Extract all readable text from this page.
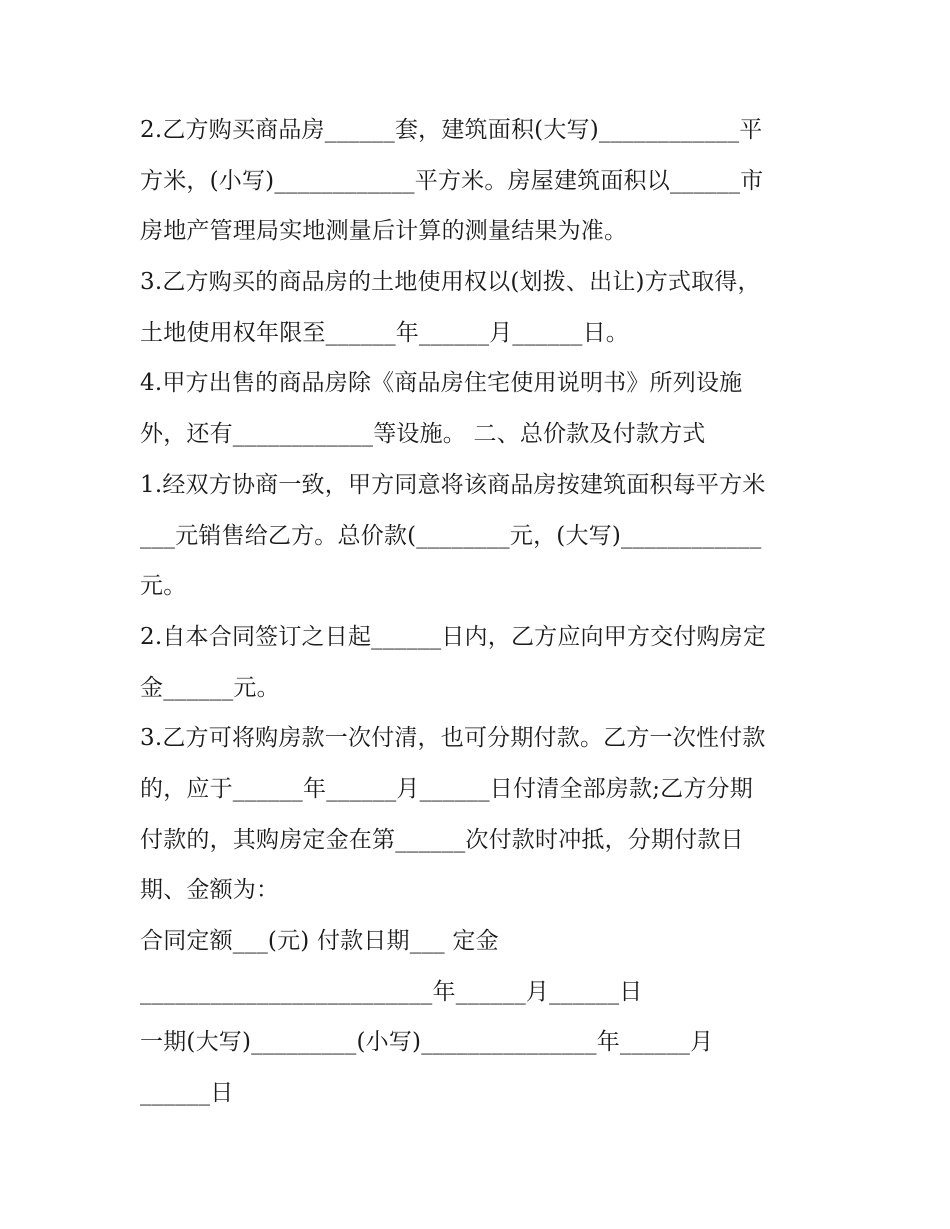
2.乙方购买商品房______套，建筑面积(大写)____________平
方米，(小写)____________平方米。房屋建筑面积以______市
房地产管理局实地测量后计算的测量结果为准。
3.乙方购买的商品房的土地使用权以(划拨、出让)方式取得，
土地使用权年限至______年______月______日。
4.甲方出售的商品房除《商品房住宅使用说明书》所列设施
外，还有____________等设施。 二、总价款及付款方式
1.经双方协商一致，甲方同意将该商品房按建筑面积每平方米
___元销售给乙方。总价款(________元，(大写)____________
元。
2.自本合同签订之日起______日内，乙方应向甲方交付购房定
金______元。
3.乙方可将购房款一次付清，也可分期付款。乙方一次性付款
的，应于______年______月______日付清全部房款;乙方分期
付款的，其购房定金在第______次付款时冲抵，分期付款日
期、金额为：
合同定额___(元) 付款日期___ 定金
_________________________年______月______日
一期(大写)_________(小写)_______________年______月
______日
